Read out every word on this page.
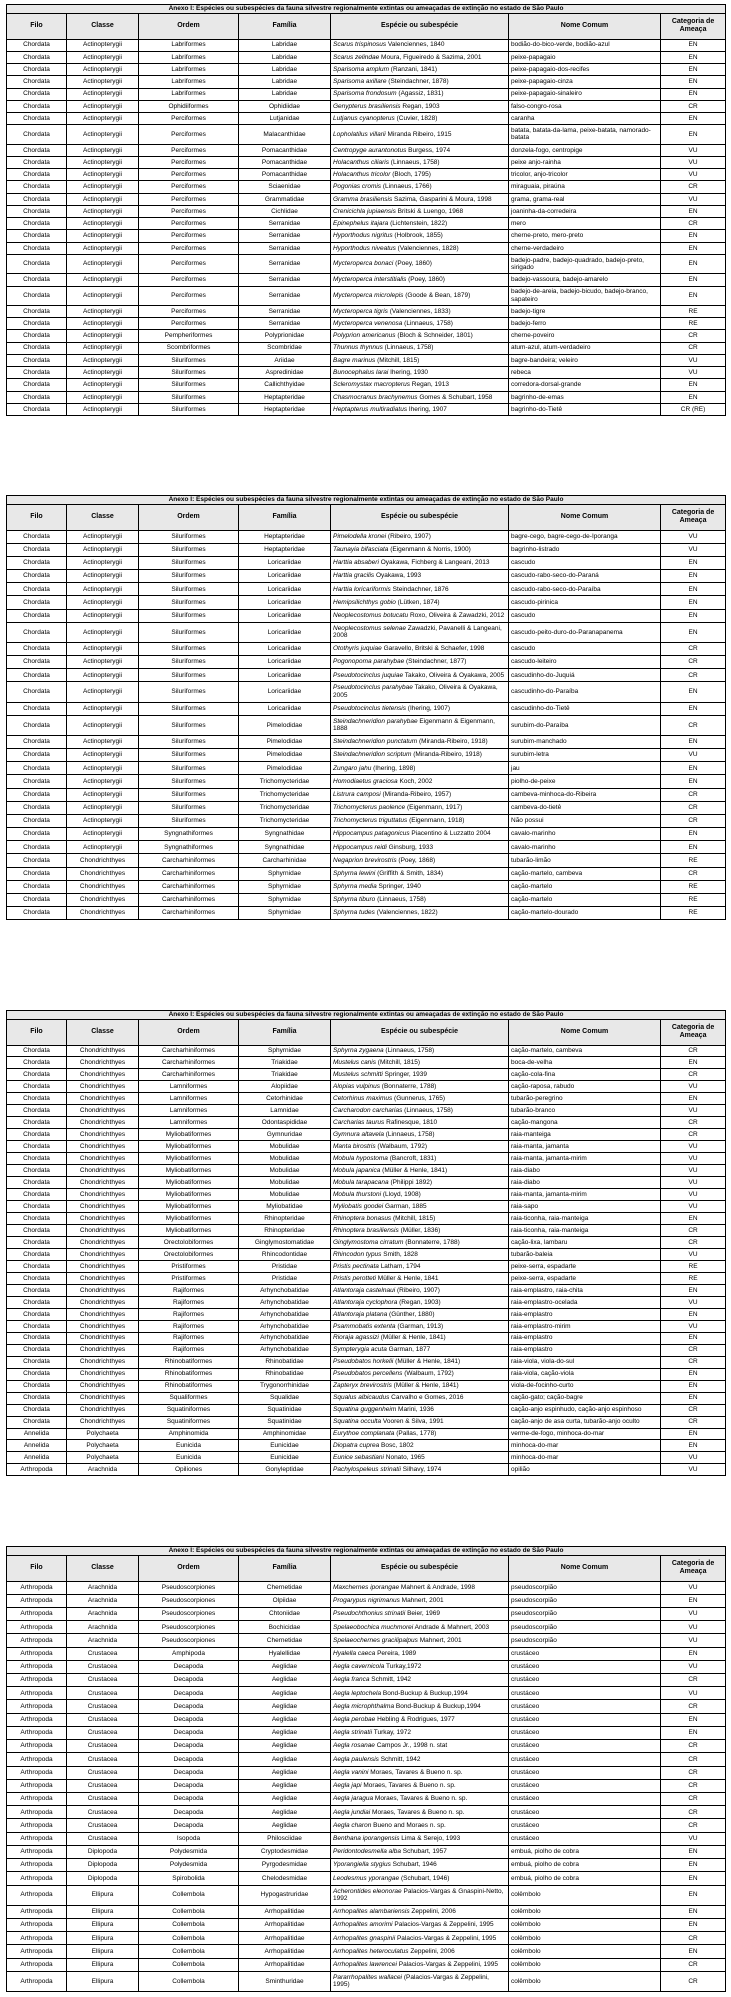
Anexo I: Espécies ou subespécies da fauna silvestre regionalmente extintas ou ameaçadas de extinção no estado de São Paulo						
Filo	Classe	Ordem	Família	Espécie ou subespécie	Nome Comum	Categoria de Ameaça
Chordata	Actinopterygii	Labriformes	Labridae	Scarus trispinosus Valenciennes, 1840	bodião-do-bico-verde, bodião-azul	EN
Chordata	Actinopterygii	Labriformes	Labridae	Scarus zelindae Moura, Figueiredo & Sazima, 2001	peixe-papagaio	EN
Chordata	Actinopterygii	Labriformes	Labridae	Sparisoma amplum (Ranzani, 1841)	peixe-papagaio-dos-recifes	EN
Chordata	Actinopterygii	Labriformes	Labridae	Sparisoma axillare (Steindachner, 1878)	peixe-papagaio-cinza	EN
Chordata	Actinopterygii	Labriformes	Labridae	Sparisoma frondosum (Agassiz, 1831)	peixe-papagaio-sinaleiro	EN
Chordata	Actinopterygii	Ophidiiformes	Ophidiidae	Genypterus brasiliensis Regan, 1903	falso-congro-rosa	CR
Chordata	Actinopterygii	Perciformes	Lutjanidae	Lutjanus cyanopterus (Cuvier, 1828)	caranha	EN
Chordata	Actinopterygii	Perciformes	Malacanthidae	Lopholatilus villarii Miranda Ribeiro, 1915	batata, batata-da-lama, peixe-batata, namorado-batata	EN
Chordata	Actinopterygii	Perciformes	Pomacanthidae	Centropyge aurantonotus Burgess, 1974	donzela-fogo, centropige	VU
Chordata	Actinopterygii	Perciformes	Pomacanthidae	Holacanthus ciliaris (Linnaeus, 1758)	peixe anjo-rainha	VU
Chordata	Actinopterygii	Perciformes	Pomacanthidae	Holacanthus tricolor (Bloch, 1795)	tricolor, anjo-tricolor	VU
Chordata	Actinopterygii	Perciformes	Sciaenidae	Pogonias cromis (Linnaeus, 1766)	miraguaia, piraúna	CR
Chordata	Actinopterygii	Perciformes	Grammatidae	Gramma brasiliensis Sazima, Gasparini & Moura, 1998	grama, grama-real	VU
Chordata	Actinopterygii	Perciformes	Cichlidae	Crenicichla jupiaensis Britski & Luengo, 1968	joaninha-da-corredeira	EN
Chordata	Actinopterygii	Perciformes	Serranidae	Epinephelus itajara (Lichtenstein, 1822)	mero	CR
Chordata	Actinopterygii	Perciformes	Serranidae	Hyporthodus nigritus (Holbrook, 1855)	cherne-preto, mero-preto	EN
Chordata	Actinopterygii	Perciformes	Serranidae	Hyporthodus niveatus (Valenciennes, 1828)	cherne-verdadeiro	EN
Chordata	Actinopterygii	Perciformes	Serranidae	Mycteroperca bonaci (Poey, 1860)	badejo-padre, badejo-quadrado, badejo-preto, sirigado	EN
Chordata	Actinopterygii	Perciformes	Serranidae	Mycteroperca interstitialis (Poey, 1860)	badejo-vassoura, badejo-amarelo	EN
Chordata	Actinopterygii	Perciformes	Serranidae	Mycteroperca microlepis (Goode & Bean, 1879)	badejo-de-areia, badejo-bicudo, badejo-branco, sapateiro	EN
Chordata	Actinopterygii	Perciformes	Serranidae	Mycteroperca tigris (Valenciennes, 1833)	badejo-tigre	RE
Chordata	Actinopterygii	Perciformes	Serranidae	Mycteroperca venenosa (Linnaeus, 1758)	badejo-ferro	RE
Chordata	Actinopterygii	Pempheriformes	Polyprionidae	Polyprion americanus (Bloch & Schneider, 1801)	cherne-poveiro	CR
Chordata	Actinopterygii	Scombriformes	Scombridae	Thunnus thynnus (Linnaeus, 1758)	atum-azul, atum-verdadeiro	CR
Chordata	Actinopterygii	Siluriformes	Ariidae	Bagre marinus (Mitchill, 1815)	bagre-bandeira; veleiro	VU
Chordata	Actinopterygii	Siluriformes	Aspredinidae	Bunocephalus larai Ihering, 1930	rebeca	VU
Chordata	Actinopterygii	Siluriformes	Callichthyidae	Scleromystax macropterus Regan, 1913	corredora-dorsal-grande	EN
Chordata	Actinopterygii	Siluriformes	Heptapteridae	Chasmocranus brachynemus Gomes & Schubart, 1958	bagrinho-de-emas	EN
Chordata	Actinopterygii	Siluriformes	Heptapteridae	Heptapterus multiradiatus Ihering, 1907	bagrinho-do-Tietê	CR (RE)
Anexo I: Espécies ou subespécies da fauna silvestre regionalmente extintas ou ameaçadas de extinção no estado de São Paulo						
Filo	Classe	Ordem	Família	Espécie ou subespécie	Nome Comum	Categoria de Ameaça
Chordata	Actinopterygii	Siluriformes	Heptapteridae	Pimelodella kronei (Ribeiro, 1907)	bagre-cego, bagre-cego-de-Iporanga	VU
Chordata	Actinopterygii	Siluriformes	Heptapteridae	Taunayia bifasciata (Eigenmann & Norris, 1900)	bagrinho-listrado	VU
Chordata	Actinopterygii	Siluriformes	Loricariidae	Harttia absaberi Oyakawa, Fichberg & Langeani, 2013	cascudo	EN
Chordata	Actinopterygii	Siluriformes	Loricariidae	Harttia gracilis Oyakawa, 1993	cascudo-rabo-seco-do-Paraná	EN
Chordata	Actinopterygii	Siluriformes	Loricariidae	Harttia loricariformis Steindachner, 1876	cascudo-rabo-seco-do-Paraíba	EN
Chordata	Actinopterygii	Siluriformes	Loricariidae	Hemipsilichthys gobio (Lütken, 1874)	cascudo-pirinica	EN
Chordata	Actinopterygii	Siluriformes	Loricariidae	Neoplecostomus botucatu Roxo, Oliveira & Zawadzki, 2012	cascudo	EN
Chordata	Actinopterygii	Siluriformes	Loricariidae	Neoplecostomus selenae Zawadzki, Pavanelli & Langeani, 2008	cascudo-peito-duro-do-Paranapanema	EN
Chordata	Actinopterygii	Siluriformes	Loricariidae	Otothyris juquiae Garavello, Britski & Schaefer, 1998	cascudo	CR
Chordata	Actinopterygii	Siluriformes	Loricariidae	Pogonopoma parahybae (Steindachner, 1877)	cascudo-leiteiro	CR
Chordata	Actinopterygii	Siluriformes	Loricariidae	Pseudotocinclus juquiae Takako, Oliveira & Oyakawa, 2005	cascudinho-do-Juquiá	CR
Chordata	Actinopterygii	Siluriformes	Loricariidae	Pseudotocinclus parahybae Takako, Oliveira & Oyakawa, 2005	cascudinho-do-Paraíba	EN
Chordata	Actinopterygii	Siluriformes	Loricariidae	Pseudotocinclus tietensis (Ihering, 1907)	cascudinho-do-Tietê	EN
Chordata	Actinopterygii	Siluriformes	Pimelodidae	Steindachneridion parahybae Eigenmann & Eigenmann, 1888	surubim-do-Paraíba	CR
Chordata	Actinopterygii	Siluriformes	Pimelodidae	Steindachneridion punctatum (Miranda-Ribeiro, 1918)	surubim-manchado	EN
Chordata	Actinopterygii	Siluriformes	Pimelodidae	Steindachneridion scriptum (Miranda-Ribeiro, 1918)	surubim-letra	VU
Chordata	Actinopterygii	Siluriformes	Pimelodidae	Zungaro jahu (Ihering, 1898)	jau	EN
Chordata	Actinopterygii	Siluriformes	Trichomycteridae	Homodiaetus graciosa Koch, 2002	piolho-de-peixe	EN
Chordata	Actinopterygii	Siluriformes	Trichomycteridae	Listrura camposi (Miranda-Ribeiro, 1957)	cambeva-minhoca-do-Ribeira	CR
Chordata	Actinopterygii	Siluriformes	Trichomycteridae	Trichomycterus paolence (Eigenmann, 1917)	cambeva-do-tietê	CR
Chordata	Actinopterygii	Siluriformes	Trichomycteridae	Trichomycterus triguttatus (Eigenmann, 1918)	Não possui	CR
Chordata	Actinopterygii	Syngnathiformes	Syngnathidae	Hippocampus patagonicus Piacentino & Luzzatto 2004	cavalo-marinho	EN
Chordata	Actinopterygii	Syngnathiformes	Syngnathidae	Hippocampus reidi Ginsburg, 1933	cavalo-marinho	EN
Chordata	Chondrichthyes	Carcharhiniformes	Carcharhinidae	Negaprion brevirostris (Poey, 1868)	tubarão-limão	RE
Chordata	Chondrichthyes	Carcharhiniformes	Sphyrnidae	Sphyrna lewini (Griffith & Smith, 1834)	cação-martelo, cambeva	CR
Chordata	Chondrichthyes	Carcharhiniformes	Sphyrnidae	Sphyrna media Springer, 1940	cação-martelo	RE
Chordata	Chondrichthyes	Carcharhiniformes	Sphyrnidae	Sphyrna tiburo (Linnaeus, 1758)	cação-martelo	RE
Chordata	Chondrichthyes	Carcharhiniformes	Sphyrnidae	Sphyrna tudes (Valenciennes, 1822)	cação-martelo-dourado	RE
Anexo I: Espécies ou subespécies da fauna silvestre regionalmente extintas ou ameaçadas de extinção no estado de São Paulo						
Filo	Classe	Ordem	Família	Espécie ou subespécie	Nome Comum	Categoria de Ameaça
Chordata	Chondrichthyes	Carcharhiniformes	Sphyrnidae	Sphyrna zygaena (Linnaeus, 1758)	cação-martelo, cambeva	CR
Chordata	Chondrichthyes	Carcharhiniformes	Triakidae	Mustelus canis (Mitchill, 1815)	boca-de-velha	EN
Chordata	Chondrichthyes	Carcharhiniformes	Triakidae	Mustelus schmitti Springer, 1939	cação-cola-fina	CR
Chordata	Chondrichthyes	Lamniformes	Alopiidae	Alopias vulpinus (Bonnaterre, 1788)	cação-raposa, rabudo	VU
Chordata	Chondrichthyes	Lamniformes	Cetorhinidae	Cetorhinus maximus (Gunnerus, 1765)	tubarão-peregrino	EN
Chordata	Chondrichthyes	Lamniformes	Lamnidae	Carcharodon carcharias (Linnaeus, 1758)	tubarão-branco	VU
Chordata	Chondrichthyes	Lamniformes	Odontaspididae	Carcharias taurus Rafinesque, 1810	cação-mangona	CR
Chordata	Chondrichthyes	Myliobatiformes	Gymnuridae	Gymnura altavela (Linnaeus, 1758)	raia-manteiga	CR
Chordata	Chondrichthyes	Myliobatiformes	Mobulidae	Manta birostris (Walbaum, 1792)	raia-manta, jamanta	VU
Chordata	Chondrichthyes	Myliobatiformes	Mobulidae	Mobula hypostoma (Bancroft, 1831)	raia-manta, jamanta-mirim	VU
Chordata	Chondrichthyes	Myliobatiformes	Mobulidae	Mobula japanica (Müller & Henle, 1841)	raia-diabo	VU
Chordata	Chondrichthyes	Myliobatiformes	Mobulidae	Mobula tarapacana (Philippi 1892)	raia-diabo	VU
Chordata	Chondrichthyes	Myliobatiformes	Mobulidae	Mobula thurstoni (Lloyd, 1908)	raia-manta, jamanta-mirim	VU
Chordata	Chondrichthyes	Myliobatiformes	Myliobatidae	Myliobatis goodei Garman, 1885	raia-sapo	VU
Chordata	Chondrichthyes	Myliobatiformes	Rhinopteridae	Rhinoptera bonasus (Mitchill, 1815)	raia-ticonha, raia-manteiga	EN
Chordata	Chondrichthyes	Myliobatiformes	Rhinopteridae	Rhinoptera brasiliensis (Müller, 1836)	raia-ticonha, raia-manteiga	CR
Chordata	Chondrichthyes	Orectolobiformes	Ginglymostomatidae	Ginglymostoma cirratum (Bonnaterre, 1788)	cação-lixa, lambaru	CR
Chordata	Chondrichthyes	Orectolobiformes	Rhincodontidae	Rhincodon typus Smith, 1828	tubarão-baleia	VU
Chordata	Chondrichthyes	Pristiformes	Pristidae	Pristis pectinata Latham, 1794	peixe-serra, espadarte	RE
Chordata	Chondrichthyes	Pristiformes	Pristidae	Pristis perotteti Müller & Henle, 1841	peixe-serra, espadarte	RE
Chordata	Chondrichthyes	Rajiformes	Arhynchobatidae	Atlantoraja castelnaui (Ribeiro, 1907)	raia-emplastro, raia-chita	EN
Chordata	Chondrichthyes	Rajiformes	Arhynchobatidae	Atlantoraja cyclophora (Regan, 1903)	raia-emplastro-ocelada	VU
Chordata	Chondrichthyes	Rajiformes	Arhynchobatidae	Atlantoraja platana (Günther, 1880)	raia-emplastro	EN
Chordata	Chondrichthyes	Rajiformes	Arhynchobatidae	Psammobatis extenta (Garman, 1913)	raia-emplastro-mirim	VU
Chordata	Chondrichthyes	Rajiformes	Arhynchobatidae	Rioraja agassizi (Müller & Henle, 1841)	raia-emplastro	EN
Chordata	Chondrichthyes	Rajiformes	Arhynchobatidae	Sympterygia acuta Garman, 1877	raia-emplastro	CR
Chordata	Chondrichthyes	Rhinobatiformes	Rhinobatidae	Pseudobatos horkelii (Müller & Henle, 1841)	raia-viola, viola-do-sul	CR
Chordata	Chondrichthyes	Rhinobatiformes	Rhinobatidae	Pseudobatos percellens (Walbaum, 1792)	raia-viola, cação-viola	EN
Chordata	Chondrichthyes	Rhinobatiformes	Trygonorrhinidae	Zapteryx brevirostris (Müller & Henle, 1841)	viola-de-focinho-curto	EN
Chordata	Chondrichthyes	Squaliformes	Squalidae	Squalus albicaudus Carvalho e Gomes, 2016	cação-gato; cação-bagre	EN
Chordata	Chondrichthyes	Squatiniformes	Squatinidae	Squatina guggenheim Marini, 1936	cação-anjo espinhudo, cação-anjo espinhoso	CR
Chordata	Chondrichthyes	Squatiniformes	Squatinidae	Squatina occulta Vooren & Silva, 1991	cação-anjo de asa curta, tubarão-anjo oculto	CR
Annelida	Polychaeta	Amphinomida	Amphinomidae	Eurythoe complanata (Pallas, 1778)	verme-de-fogo, minhoca-do-mar	EN
Annelida	Polychaeta	Eunicida	Eunicidae	Diopatra cuprea Bosc, 1802	minhoca-do-mar	EN
Annelida	Polychaeta	Eunicida	Eunicidae	Eunice sebastiani Nonato, 1965	minhoca-do-mar	VU
Arthropoda	Arachnida	Opiliones	Gonyleptidae	Pachylospeleus strinatii Silhavy, 1974	opilião	VU
Anexo I: Espécies ou subespécies da fauna silvestre regionalmente extintas ou ameaçadas de extinção no estado de São Paulo						
Filo	Classe	Ordem	Família	Espécie ou subespécie	Nome Comum	Categoria de Ameaça
Arthropoda	Arachnida	Pseudoscorpiones	Chernetidae	Maxchernes iporangae Mahnert & Andrade, 1998	pseudoscorpião	VU
Arthropoda	Arachnida	Pseudoscorpiones	Olpiidae	Progarypus nigrimanus Mahnert, 2001	pseudoscorpião	EN
Arthropoda	Arachnida	Pseudoscorpiones	Chtoniidae	Pseudochthonius strinatii Beier, 1969	pseudoscorpião	VU
Arthropoda	Arachnida	Pseudoscorpiones	Bochicidae	Spelaeobochica muchmorei Andrade & Mahnert, 2003	pseudoscorpião	VU
Arthropoda	Arachnida	Pseudoscorpiones	Chernetidae	Spelaeochernes gracilipalpus Mahnert, 2001	pseudoscorpião	VU
Arthropoda	Crustacea	Amphipoda	Hyalellidae	Hyalella caeca Pereira, 1989	crustáceo	EN
Arthropoda	Crustacea	Decapoda	Aeglidae	Aegla cavernicola Turkay,1972	crustáceo	VU
Arthropoda	Crustacea	Decapoda	Aeglidae	Aegla franca Schmitt, 1942	crustáceo	CR
Arthropoda	Crustacea	Decapoda	Aeglidae	Aegla leptochela Bond-Buckup & Buckup,1994	crustáceo	VU
Arthropoda	Crustacea	Decapoda	Aeglidae	Aegla microphthalma Bond-Buckup & Buckup,1994	crustáceo	CR
Arthropoda	Crustacea	Decapoda	Aeglidae	Aegla perobae Hebling & Rodrigues, 1977	crustáceo	EN
Arthropoda	Crustacea	Decapoda	Aeglidae	Aegla strinatii Turkay, 1972	crustáceo	EN
Arthropoda	Crustacea	Decapoda	Aeglidae	Aegla rosanae Campos Jr., 1998 n. stat	crustáceo	CR
Arthropoda	Crustacea	Decapoda	Aeglidae	Aegla paulensis Schmitt, 1942	crustáceo	CR
Arthropoda	Crustacea	Decapoda	Aeglidae	Aegla vanini Moraes, Tavares & Bueno n. sp.	crustáceo	CR
Arthropoda	Crustacea	Decapoda	Aeglidae	Aegla japi Moraes, Tavares & Bueno n. sp.	crustáceo	CR
Arthropoda	Crustacea	Decapoda	Aeglidae	Aegla jaragua Moraes, Tavares & Bueno n. sp.	crustáceo	CR
Arthropoda	Crustacea	Decapoda	Aeglidae	Aegla jundiai Moraes, Tavares & Bueno n. sp.	crustáceo	CR
Arthropoda	Crustacea	Decapoda	Aeglidae	Aegla charon Bueno and Moraes n. sp.	crustáceo	CR
Arthropoda	Crustacea	Isopoda	Philosciidae	Benthana iporangensis Lima & Serejo, 1993	crustáceo	VU
Arthropoda	Diplopoda	Polydesmida	Cryptodesmidae	Peridontodesmella alba Schubart, 1957	embuá, piolho de cobra	EN
Arthropoda	Diplopoda	Polydesmida	Pyrgodesmidae	Yporangiella stygius Schubart, 1946	embuá, piolho de cobra	EN
Arthropoda	Diplopoda	Spirobolida	Chelodesmidae	Leodesmus yporangae (Schubart, 1946)	embuá, piolho de cobra	EN
Arthropoda	Ellipura	Collembola	Hypogastruridae	Acherontides eleonorae Palacios-Vargas & Gnaspini-Netto, 1992	colêmbolo	EN
Arthropoda	Ellipura	Collembola	Arrhopalitidae	Arrhopalites alambariensis Zeppelini, 2006	colêmbolo	EN
Arthropoda	Ellipura	Collembola	Arrhopalitidae	Arrhopalites amorimi Palacios-Vargas & Zeppelini, 1995	colêmbolo	EN
Arthropoda	Ellipura	Collembola	Arrhopalitidae	Arrhopalites gnaspinii Palacios-Vargas & Zeppelini, 1995	colêmbolo	CR
Arthropoda	Ellipura	Collembola	Arrhopalitidae	Arrhopalites heteroculatus Zeppelini, 2006	colêmbolo	EN
Arthropoda	Ellipura	Collembola	Arrhopalitidae	Arrhopalites lawrencei Palacios-Vargas & Zeppelini, 1995	colêmbolo	CR
Arthropoda	Ellipura	Collembola	Sminthuridae	Pararrhopalites wallacei (Palacios-Vargas & Zeppelini, 1995)	colêmbolo	CR
